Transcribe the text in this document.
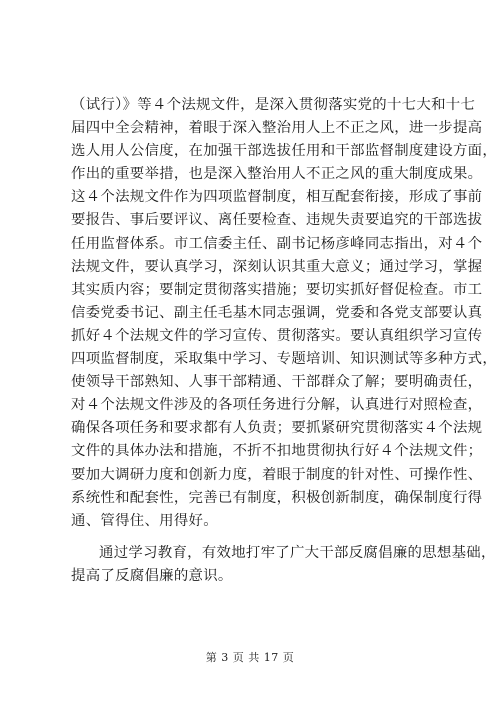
（试行）》等４个法规文件，是深入贯彻落实党的十七大和十七
届四中全会精神，着眼于深入整治用人上不正之风，进一步提高
选人用人公信度，在加强干部选拔任用和干部监督制度建设方面，
作出的重要举措，也是深入整治用人不正之风的重大制度成果。
这４个法规文件作为四项监督制度，相互配套衔接，形成了事前
要报告、事后要评议、离任要检查、违规失责要追究的干部选拔
任用监督体系。市工信委主任、副书记杨彦峰同志指出，对４个
法规文件，要认真学习，深刻认识其重大意义；通过学习，掌握
其实质内容；要制定贯彻落实措施；要切实抓好督促检查。市工
信委党委书记、副主任毛基木同志强调，党委和各党支部要认真
抓好４个法规文件的学习宣传、贯彻落实。要认真组织学习宣传
四项监督制度，采取集中学习、专题培训、知识测试等多种方式，
使领导干部熟知、人事干部精通、干部群众了解；要明确责任，
对４个法规文件涉及的各项任务进行分解，认真进行对照检查，
确保各项任务和要求都有人负责；要抓紧研究贯彻落实４个法规
文件的具体办法和措施，不折不扣地贯彻执行好４个法规文件；
要加大调研力度和创新力度，着眼于制度的针对性、可操作性、
系统性和配套性，完善已有制度，积极创新制度，确保制度行得
通、管得住、用得好。
通过学习教育，有效地打牢了广大干部反腐倡廉的思想基础，
提高了反腐倡廉的意识。
第 3 页 共 17 页
